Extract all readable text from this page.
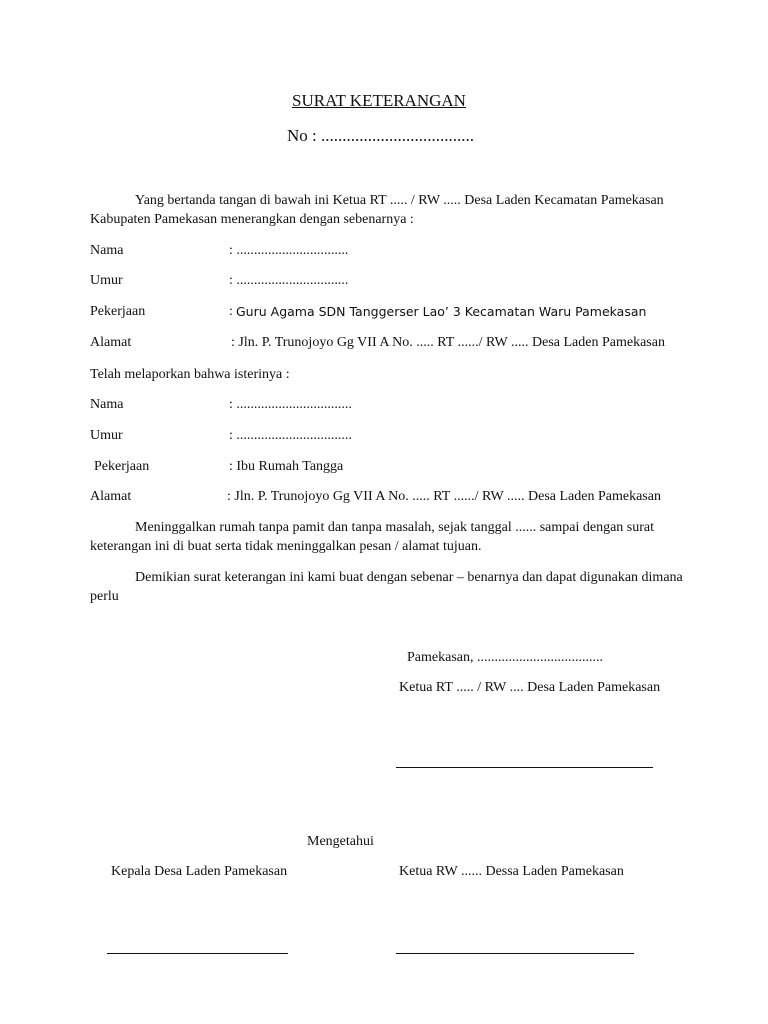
SURAT KETERANGAN
No : ....................................
Yang bertanda tangan di bawah ini Ketua RT ..... / RW ..... Desa Laden Kecamatan Pamekasan
Kabupaten Pamekasan menerangkan dengan sebenarnya :
Nama	: ................................
Umur	: ................................
Pekerjaan	: Guru Agama SDN Tanggerser Lao’ 3 Kecamatan Waru Pamekasan
Alamat	: Jln. P. Trunojoyo Gg VII A No. ..... RT ....../ RW ..... Desa Laden Pamekasan
Telah melaporkan bahwa isterinya :
Nama	: .................................
Umur	: .................................
Pekerjaan	: Ibu Rumah Tangga
Alamat	: Jln. P. Trunojoyo Gg VII A No. ..... RT ....../ RW ..... Desa Laden Pamekasan
Meninggalkan rumah tanpa pamit dan tanpa masalah, sejak tanggal ...... sampai dengan surat
keterangan ini di buat serta tidak meninggalkan pesan / alamat tujuan.
Demikian surat keterangan ini kami buat dengan sebenar – benarnya dan dapat digunakan dimana
perlu
Pamekasan, ....................................
Ketua RT ..... / RW .... Desa Laden Pamekasan
Mengetahui
Kepala Desa Laden Pamekasan	Ketua RW ...... Dessa Laden Pamekasan
